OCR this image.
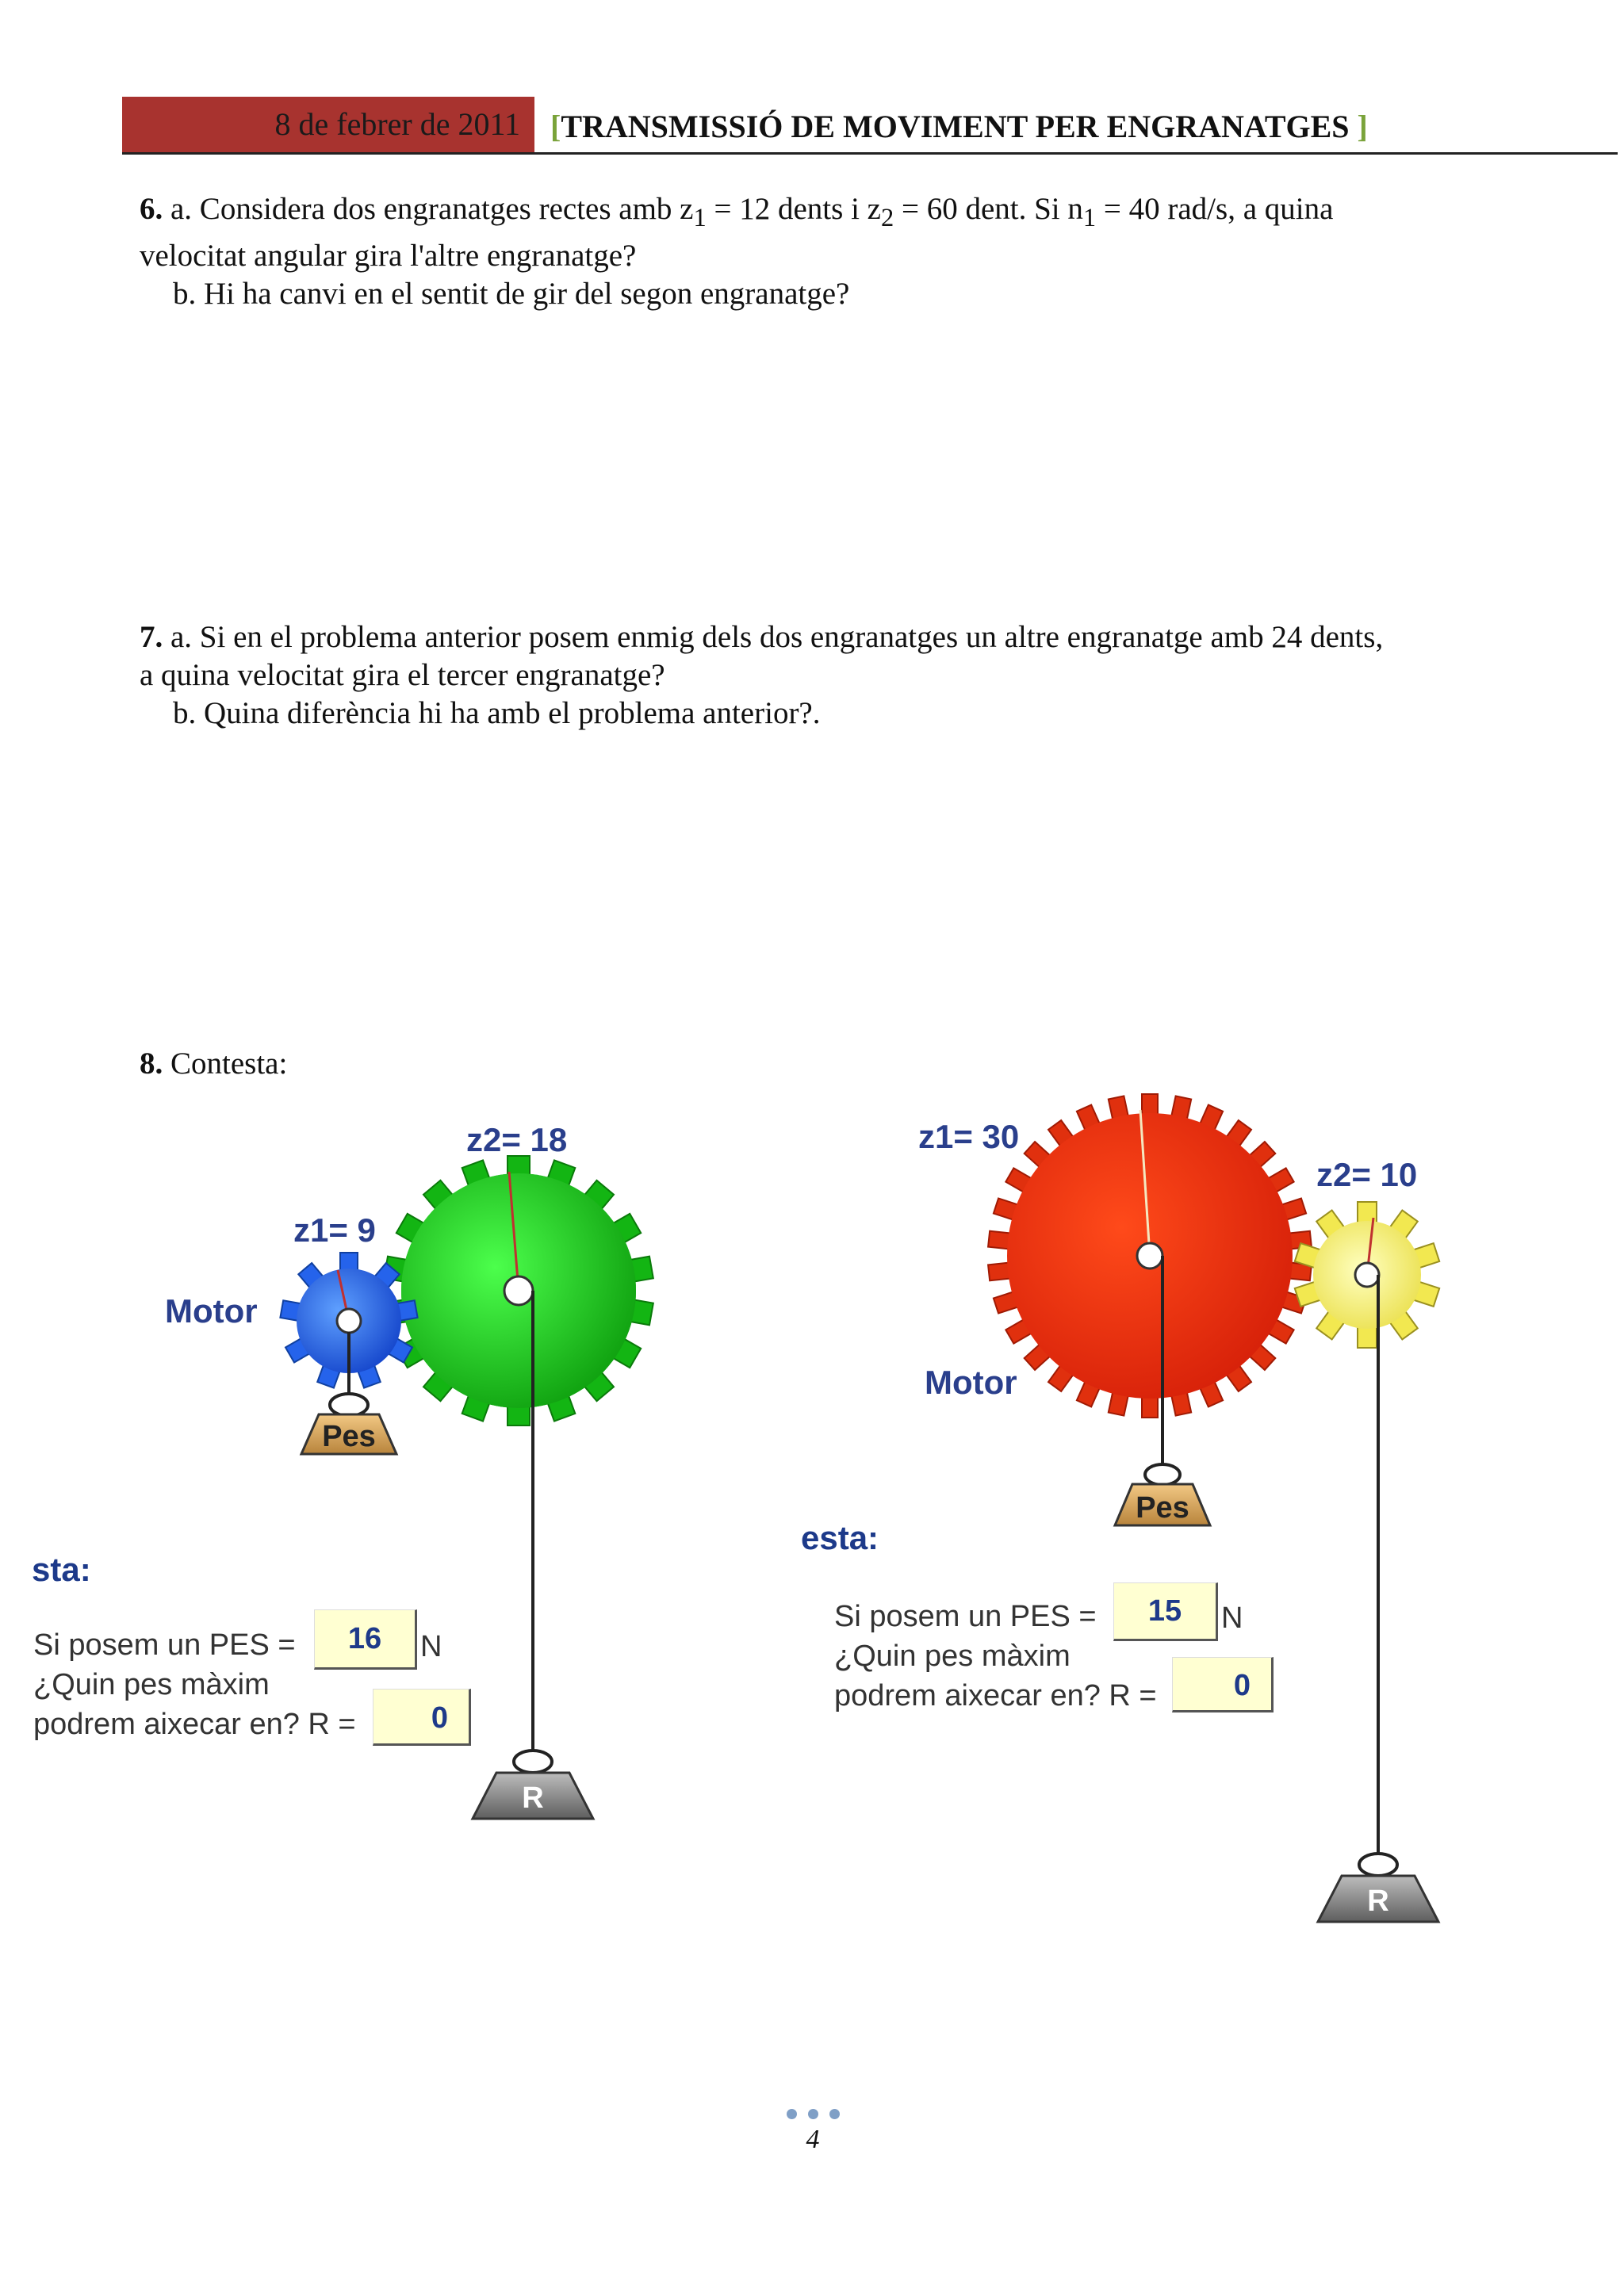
8 de febrer de 2011 [TRANSMISSIÓ DE MOVIMENT PER ENGRANATGES ]
6. a. Considera dos engranatges rectes amb $z_1 = 12$ dents i $z_2 = 60$ dent. Si $n_1 = 40$ rad/s, a quina
velocitat angular gira l'altre engranatge?
b. Hi ha canvi en el sentit de gir del segon engranatge?
7. a. Si en el problema anterior posem enmig dels dos engranatges un altre engranatge amb 24 dents,
a quina velocitat gira el tercer engranatge?
b. Quina diferència hi ha amb el problema anterior?.
8. Contesta:
Pes
R
z2= 18
z1= 9
Motor
sta:
Si posem un PES =
¿Quin pes màxim
podrem aixecar en? R =
16	N
0
Pes
R
z1= 30
z2= 10
Motor
esta:
Si posem un PES =
¿Quin pes màxim
podrem aixecar en? R =
15	N
0
4
